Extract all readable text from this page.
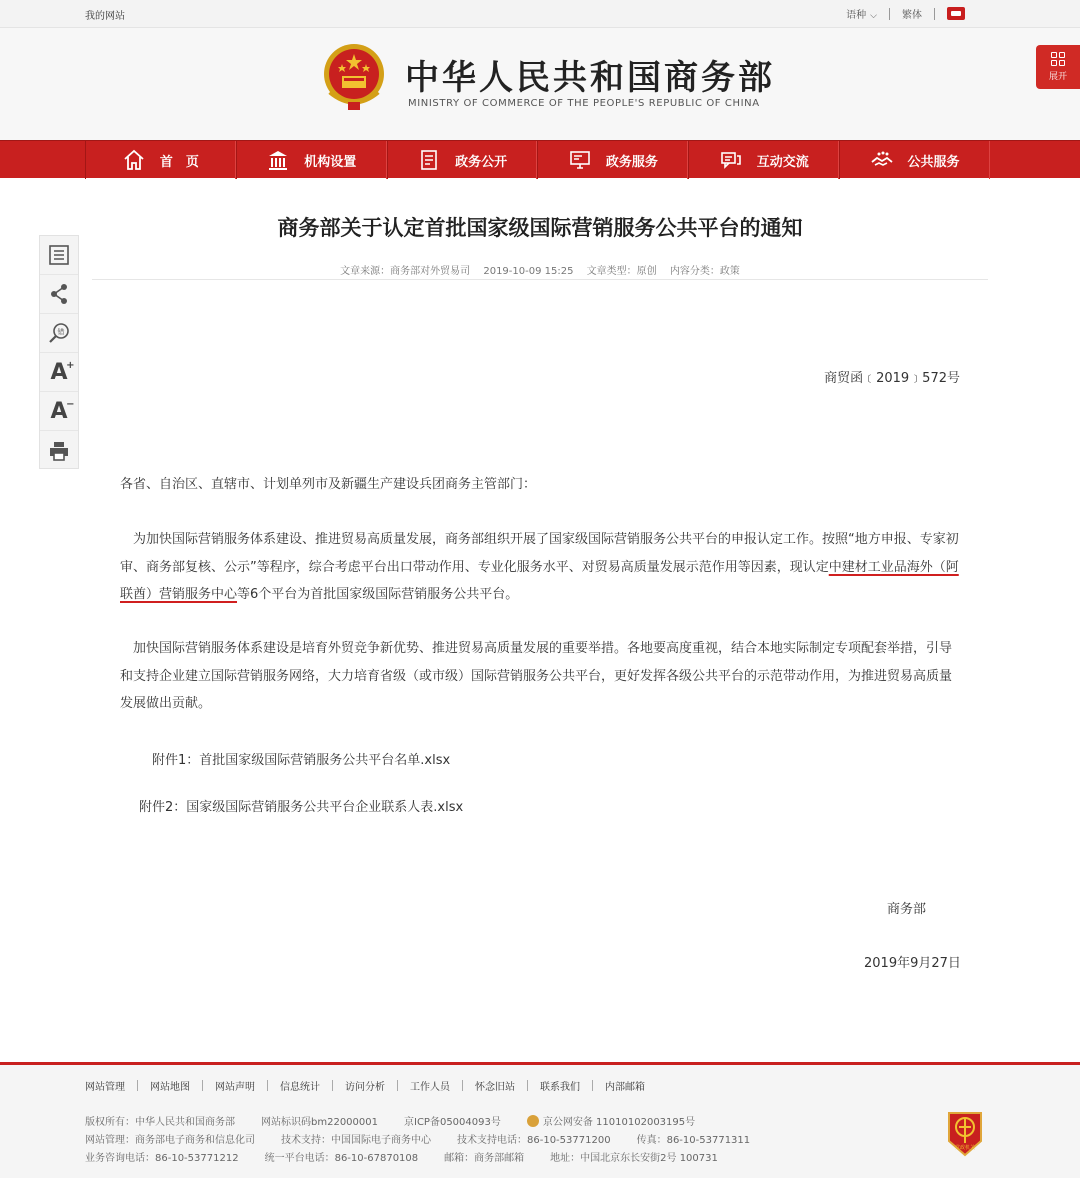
我的网站	语种 ⌵	繁体
中华人民共和国商务部
MINISTRY OF COMMERCE OF THE PEOPLE'S REPUBLIC OF CHINA
展开
首　页	机构设置	政务公开	政务服务	互动交流	公共服务
错
A
+
A
−
商务部关于认定首批国家级国际营销服务公共平台的通知
文章来源：商务部对外贸易司 2019-10-09 15:25 文章类型：原创 内容分类：政策
商贸函﹝2019﹞572号
各省、自治区、直辖市、计划单列市及新疆生产建设兵团商务主管部门：
　为加快国际营销服务体系建设、推进贸易高质量发展，商务部组织开展了国家级国际营销服务公共平台的申报认定工作。按照“地方申报、专家初审、商务部复核、公示”等程序，综合考虑平台出口带动作用、专业化服务水平、对贸易高质量发展示范作用等因素，现认定中建材工业品海外（阿联酋）营销服务中心等6个平台为首批国家级国际营销服务公共平台。
　加快国际营销服务体系建设是培育外贸竞争新优势、推进贸易高质量发展的重要举措。各地要高度重视，结合本地实际制定专项配套举措，引导和支持企业建立国际营销服务网络，大力培育省级（或市级）国际营销服务公共平台，更好发挥各级公共平台的示范带动作用，为推进贸易高质量发展做出贡献。
附件1：首批国家级国际营销服务公共平台名单.xlsx
附件2：国家级国际营销服务公共平台企业联系人表.xlsx
商务部
2019年9月27日
网站管理	网站地图	网站声明	信息统计	访问分析	工作人员	怀念旧站	联系我们	内部邮箱
版权所有：中华人民共和国商务部	网站标识码bm22000001	京ICP备05004093号	京公网安备 11010102003195号
网站管理：商务部电子商务和信息化司	技术支持：中国国际电子商务中心	技术支持电话：86-10-53771200	传真：86-10-53771311
业务咨询电话：86-10-53771212	统一平台电话：86-10-67870108	邮箱：商务部邮箱	地址：中国北京东长安街2号 100731
党政机关
